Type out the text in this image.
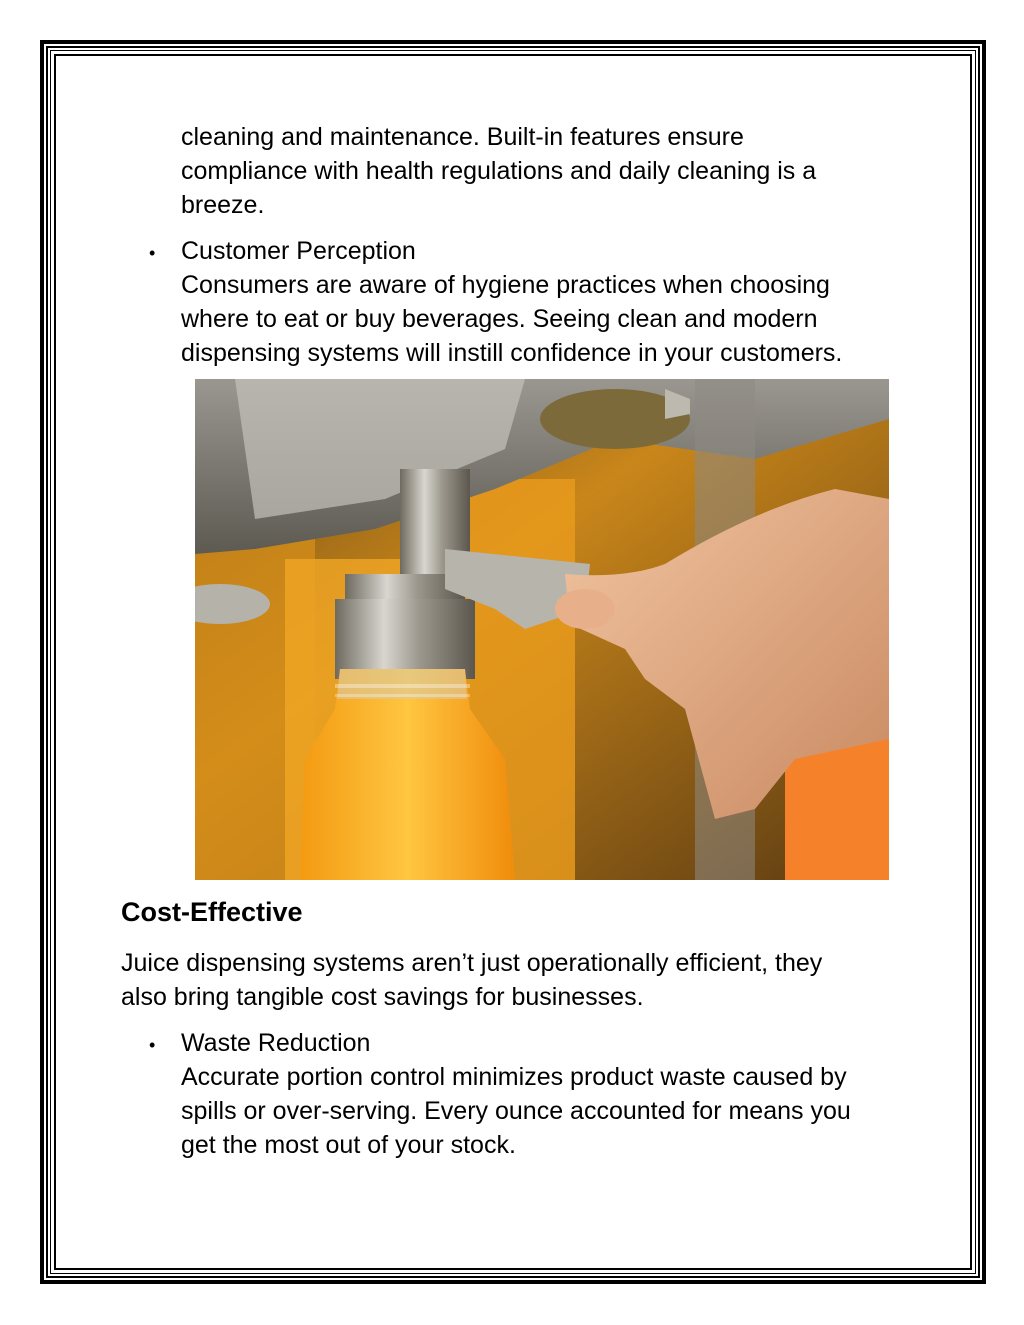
cleaning and maintenance. Built-in features ensure

compliance with health regulations and daily cleaning is a

breeze.

• Customer Perception

Consumers are aware of hygiene practices when choosing

where to eat or buy beverages. Seeing clean and modern

dispensing systems will instill confidence in your customers.

Cost-Effective

Juice dispensing systems aren’t just operationally efficient, they

also bring tangible cost savings for businesses.

• Waste Reduction

Accurate portion control minimizes product waste caused by

spills or over-serving. Every ounce accounted for means you

get the most out of your stock.
